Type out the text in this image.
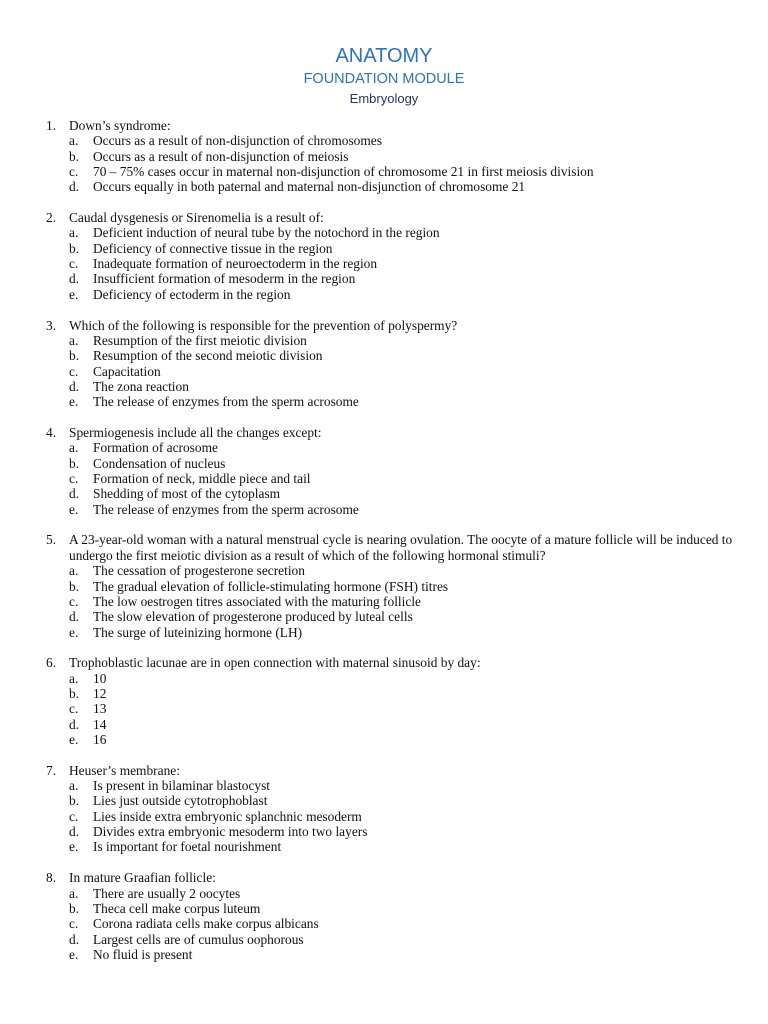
ANATOMY
FOUNDATION MODULE
Embryology
1. Down’s syndrome:
a. Occurs as a result of non-disjunction of chromosomes
b. Occurs as a result of non-disjunction of meiosis
c. 70 – 75% cases occur in maternal non-disjunction of chromosome 21 in first meiosis division
d. Occurs equally in both paternal and maternal non-disjunction of chromosome 21
2. Caudal dysgenesis or Sirenomelia is a result of:
a. Deficient induction of neural tube by the notochord in the region
b. Deficiency of connective tissue in the region
c. Inadequate formation of neuroectoderm in the region
d. Insufficient formation of mesoderm in the region
e. Deficiency of ectoderm in the region
3. Which of the following is responsible for the prevention of polyspermy?
a. Resumption of the first meiotic division
b. Resumption of the second meiotic division
c. Capacitation
d. The zona reaction
e. The release of enzymes from the sperm acrosome
4. Spermiogenesis include all the changes except:
a. Formation of acrosome
b. Condensation of nucleus
c. Formation of neck, middle piece and tail
d. Shedding of most of the cytoplasm
e. The release of enzymes from the sperm acrosome
5. A 23-year-old woman with a natural menstrual cycle is nearing ovulation. The oocyte of a mature follicle will be induced to undergo the first meiotic division as a result of which of the following hormonal stimuli?
a. The cessation of progesterone secretion
b. The gradual elevation of follicle-stimulating hormone (FSH) titres
c. The low oestrogen titres associated with the maturing follicle
d. The slow elevation of progesterone produced by luteal cells
e. The surge of luteinizing hormone (LH)
6. Trophoblastic lacunae are in open connection with maternal sinusoid by day:
a. 10
b. 12
c. 13
d. 14
e. 16
7. Heuser’s membrane:
a. Is present in bilaminar blastocyst
b. Lies just outside cytotrophoblast
c. Lies inside extra embryonic splanchnic mesoderm
d. Divides extra embryonic mesoderm into two layers
e. Is important for foetal nourishment
8. In mature Graafian follicle:
a. There are usually 2 oocytes
b. Theca cell make corpus luteum
c. Corona radiata cells make corpus albicans
d. Largest cells are of cumulus oophorous
e. No fluid is present
